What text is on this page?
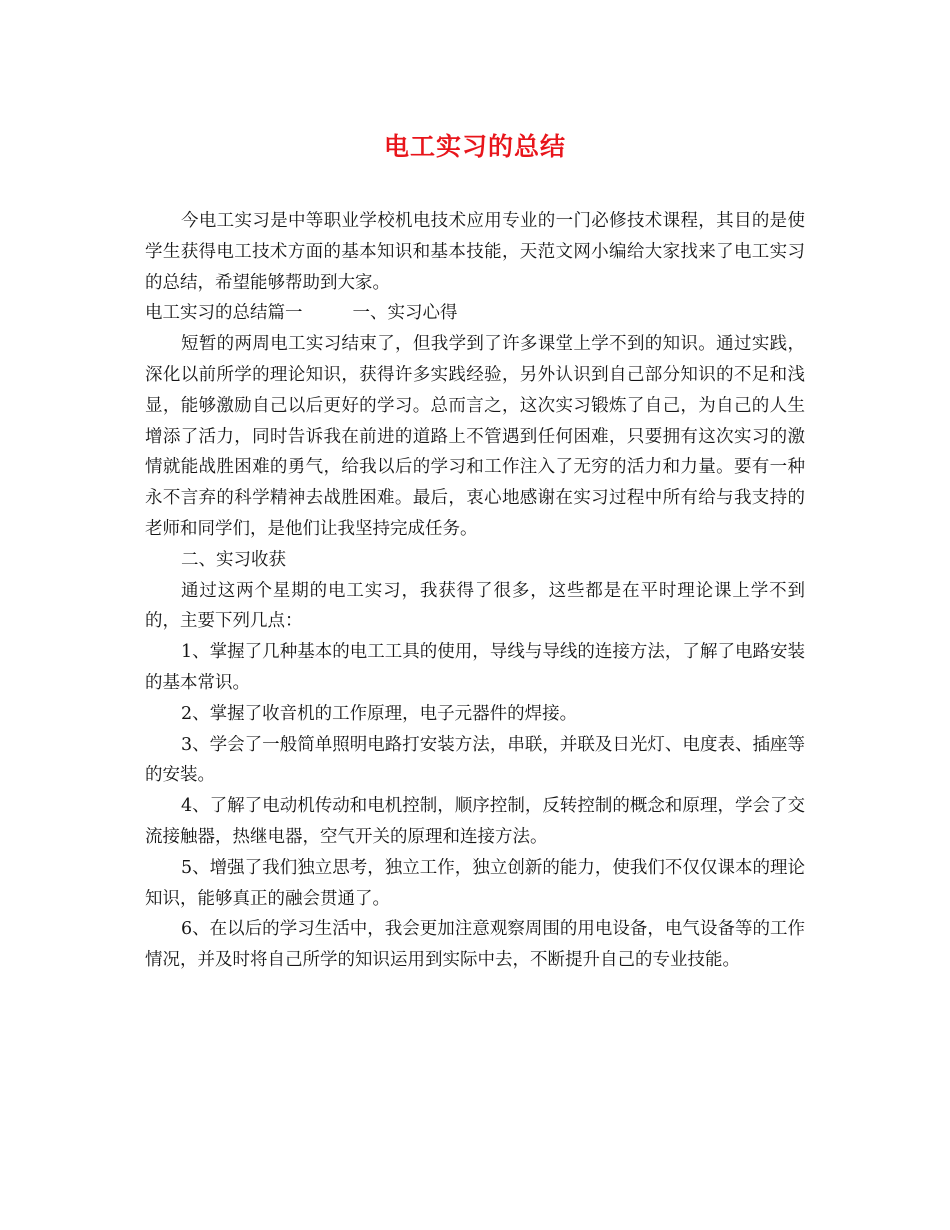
电工实习的总结

今电工实习是中等职业学校机电技术应用专业的一门必修技术课程，其目的是使学生获得电工技术方面的基本知识和基本技能，天范文网小编给大家找来了电工实习的总结，希望能够帮助到大家。

电工实习的总结篇一	一、实习心得

短暂的两周电工实习结束了，但我学到了许多课堂上学不到的知识。通过实践，深化以前所学的理论知识，获得许多实践经验，另外认识到自己部分知识的不足和浅显，能够激励自己以后更好的学习。总而言之，这次实习锻炼了自己，为自己的人生增添了活力，同时告诉我在前进的道路上不管遇到任何困难，只要拥有这次实习的激情就能战胜困难的勇气，给我以后的学习和工作注入了无穷的活力和力量。要有一种永不言弃的科学精神去战胜困难。最后，衷心地感谢在实习过程中所有给与我支持的老师和同学们，是他们让我坚持完成任务。

二、实习收获

通过这两个星期的电工实习，我获得了很多，这些都是在平时理论课上学不到的，主要下列几点：

1、掌握了几种基本的电工工具的使用，导线与导线的连接方法，了解了电路安装的基本常识。

2、掌握了收音机的工作原理，电子元器件的焊接。

3、学会了一般简单照明电路打安装方法，串联，并联及日光灯、电度表、插座等的安装。

4、了解了电动机传动和电机控制，顺序控制，反转控制的概念和原理，学会了交流接触器，热继电器，空气开关的原理和连接方法。

5、增强了我们独立思考，独立工作，独立创新的能力，使我们不仅仅课本的理论知识，能够真正的融会贯通了。

6、在以后的学习生活中，我会更加注意观察周围的用电设备，电气设备等的工作情况，并及时将自己所学的知识运用到实际中去，不断提升自己的专业技能。
